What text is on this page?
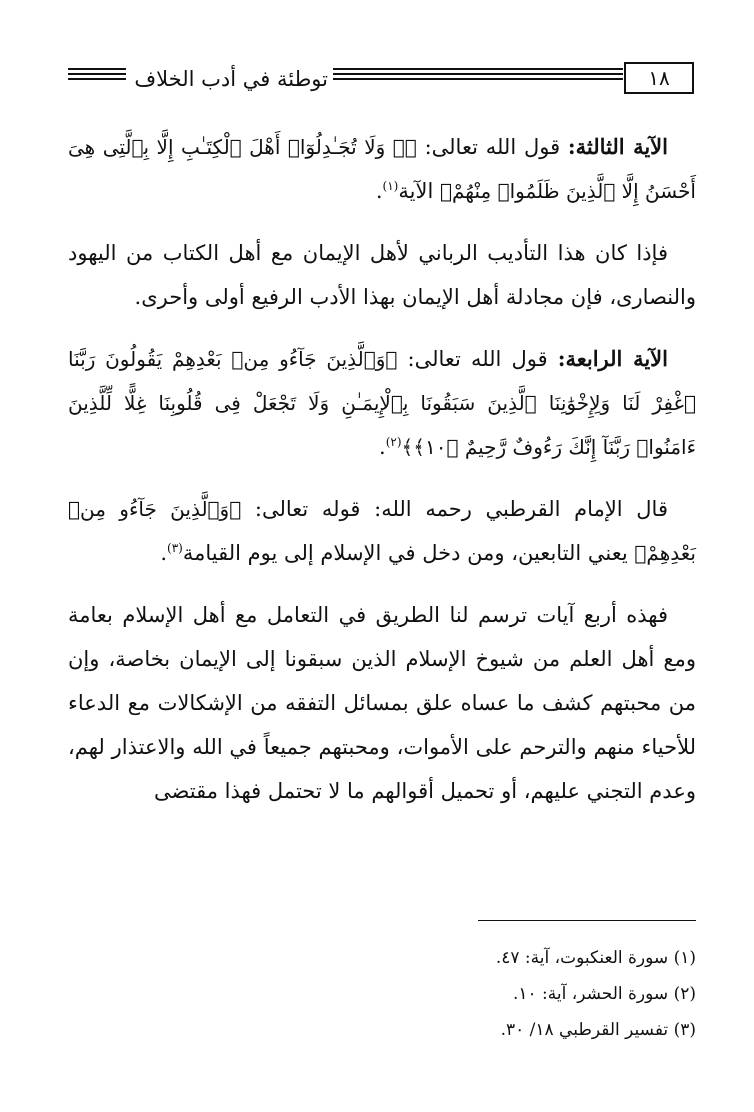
توطئة في أدب الخلاف	١٨

الآية الثالثة: قول الله تعالى: ﴿۞ وَلَا تُجَـٰدِلُوٓا۟ أَهْلَ ٱلْكِتَـٰبِ إِلَّا بِٱلَّتِى هِىَ أَحْسَنُ إِلَّا ٱلَّذِينَ ظَلَمُوا۟ مِنْهُمْ﴾ الآية$^{(١)}$.

فإذا كان هذا التأديب الرباني لأهل الإيمان مع أهل الكتاب من اليهود والنصارى، فإن مجادلة أهل الإيمان بهذا الأدب الرفيع أولى وأحرى.

الآية الرابعة: قول الله تعالى: ﴿وَٱلَّذِينَ جَآءُو مِنۢ بَعْدِهِمْ يَقُولُونَ رَبَّنَا ٱغْفِرْ لَنَا وَلِإِخْوَٰنِنَا ٱلَّذِينَ سَبَقُونَا بِٱلْإِيمَـٰنِ وَلَا تَجْعَلْ فِى قُلُوبِنَا غِلًّا لِّلَّذِينَ ءَامَنُوا۟ رَبَّنَآ إِنَّكَ رَءُوفٌ رَّحِيمٌ ﴿١٠﴾﴾$^{(٢)}$.

قال الإمام القرطبي رحمه الله: قوله تعالى: ﴿وَٱلَّذِينَ جَآءُو مِنۢ بَعْدِهِمْ﴾ يعني التابعين، ومن دخل في الإسلام إلى يوم القيامة$^{(٣)}$.

فهذه أربع آيات ترسم لنا الطريق في التعامل مع أهل الإسلام بعامة ومع أهل العلم من شيوخ الإسلام الذين سبقونا إلى الإيمان بخاصة، وإن من محبتهم كشف ما عساه علق بمسائل التفقه من الإشكالات مع الدعاء للأحياء منهم والترحم على الأموات، ومحبتهم جميعاً في الله والاعتذار لهم، وعدم التجني عليهم، أو تحميل أقوالهم ما لا تحتمل فهذا مقتضى

(١) سورة العنكبوت، آية: ٤٧.

(٢) سورة الحشر، آية: ١٠.

(٣) تفسير القرطبي ١٨/ ٣٠.
